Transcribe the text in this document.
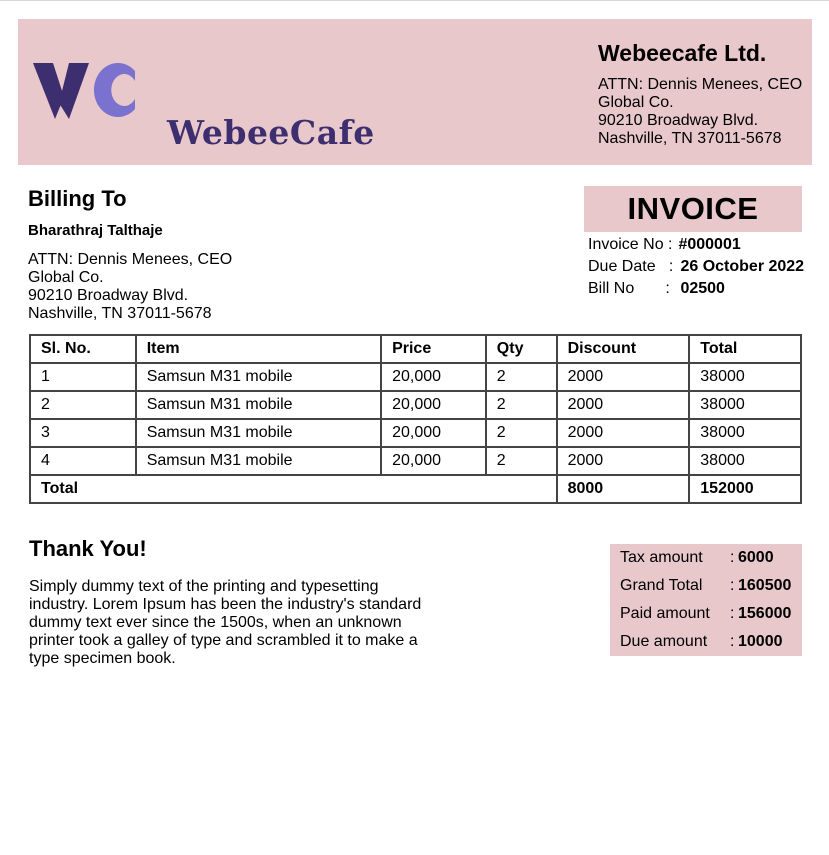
WebeeCafe
Webeecafe Ltd.
ATTN: Dennis Menees, CEO
Global Co.
90210 Broadway Blvd.
Nashville, TN 37011-5678
Billing To
Bharathraj Talthaje
ATTN: Dennis Menees, CEO
Global Co.
90210 Broadway Blvd.
Nashville, TN 37011-5678
INVOICE
Invoice No : #000001
Due Date   : 26 October 2022
Bill No       : 02500
Sl. No.	Item	Price	Qty	Discount	Total
1	Samsun M31 mobile	20,000	2	2000	38000
2	Samsun M31 mobile	20,000	2	2000	38000
3	Samsun M31 mobile	20,000	2	2000	38000
4	Samsun M31 mobile	20,000	2	2000	38000
Total				8000	152000
Thank You!
Simply dummy text of the printing and typesetting industry. Lorem Ipsum has been the industry's standard dummy text ever since the 1500s, when an unknown printer took a galley of type and scrambled it to make a type specimen book.
Tax amount : 6000
Grand Total : 160500
Paid amount : 156000
Due amount : 10000
